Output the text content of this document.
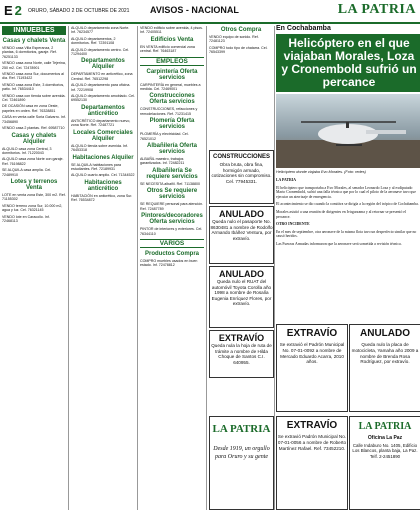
E 2 ORURO, SÁBADO 2 DE OCTUBRE DE 2021 AVISOS - NACIONAL	LA PATRIA
INMUEBLES
Casas y chalets Venta

VENDO casa Villa Esperanza, 2 plantas, 6 dormitorios, garaje. Ref. 76251133

VENDO casa zona Norte, calle Tejerina, 250 m2. Cel. 72478901

VENDO casa zona Sur, documentos al día. Ref. 71193422

VENDO casa zona Este, 3 dormitorios, patio. Inf. 76534410

VENDO casa con tienda sobre avenida. Cel. 72461890

DE OCASIÓN casa en zona Oeste, papeles en orden. Ref. 76328851

CASA en venta calle Soria Galvarro. Inf. 73456890

VENDO casa 2 plantas. Ref. 69587710

Casas y chalets Alquiler

ALQUILO casa zona Central, 3 dormitorios. Inf. 71220043

ALQUILO casa zona Norte con garaje. Ref. 76198822

SE ALQUILA casa amplia. Cel. 72489910

Lotes y terrenos Venta

LOTE en venta zona Este, 300 m2. Ref. 71155302

VENDO terreno zona Sur, 10.000 m2, agua y luz. Cel. 76321145

VENDO lote en Caracollo. Inf. 72468113

ALQUILO departamento zona Norte. Inf. 76234577

ALQUILO departamentos, 2 dormitorios. Ref. 72391108

ALQUILO departamento centro. Cel. 71294400

Departamentos Alquiler

DEPARTAMENTO en anticrético, zona Central. Ref. 76512298

ALQUILO departamento para oficina. Inf. 72219908

ALQUILO departamento amoblado. Cel. 69552130

Departamentos anticrético

ANTICRÉTICO departamento nuevo, zona Norte. Ref. 72487721

Locales Comerciales Alquiler

ALQUILO tienda sobre avenida. Inf. 76453318

Habitaciones Alquiler

SE ALQUILA habitaciones para estudiantes. Ref. 72189931

ALQUILO cuarto amplio. Cel. 71344522

Habitaciones anticrético

HABITACIÓN en anticrético, zona Sur. Ref. 76534872

VENDO edificio sobre avenida, 4 pisos. Inf. 72405511

Edificios Venta

EN VENTA edificio comercial zona central. Ref. 76463187

EMPLEOS
Carpintería Oferta servicios

CARPINTERÍA en general, muebles a medida. Cel. 72469001

Construcciones Oferta servicios

CONSTRUCCIONES, refacciones y remodelaciones. Ref. 71231415

Plomería Oferta servicios

PLOMERÍA y electricidad. Cel. 76521012

Albañilería Oferta servicios

ALBAÑIL maestro, trabajos garantizados. Inf. 72482211

Albañilería Se requiere servicios

SE NECESITA albañil. Ref. 71138800

Otros Se requiere servicios

SE REQUIERE personal para atención. Ref. 72487789

Pintores/decoradores Oferta servicios

PINTOR de interiores y exteriores. Cel. 76344110

VARIOS
Productos Compra

COMPRO muebles usados en buen estado. Inf. 72478812

Otros Compra

VENDO equipo de sonido. Ref. 72481123

COMPRO todo tipo de chatarra. Cel. 76543399

CONSTRUCCIONES
Obra bruta, obra fina, hormigón armado, cotizaciones sin compromiso. Cel. 77945331.
ANULADO
Queda nulo el pasaporte No. 8630481 a nombre de Rodolfo Armando Ibáñez Ventura, por extravío.
ANULADO
Queda nulo el RUAT del automóvil Toyota Corolla año 1998 a nombre de Rosalía Eugenia Enríquez Flores, por extravío.
EXTRAVÍO
Queda nula la hoja de ruta de trámite a nombre de Hilda Choque de Santos C.I. 640955.
En Cochabamba
Helicóptero en el que viajaban Morales, Loza y Cronembold sufrió un percance
Helicóptero donde viajaba Evo Morales. (Foto: redes)

LA PATRIA

El helicóptero que transportaba a Evo Morales, al senador Leonardo Loza y al exdiputado Mario Cronembold, sufrió una falla técnica que por lo cual el piloto de la aeronave tuvo que ejecutar un aterrizaje de emergencia.

El acontecimiento se dio cuando la comitiva se dirigía a la región del trópico de Cochabamba.

Morales asistió a una reunión de dirigentes en Ivirgarzama y al retornar se presentó el percance.

OTRO INCIDENTE

En el mes de septiembre, otra aeronave de la misma flota tuvo un desperfecto similar que no causó heridos.

Las Fuerzas Armadas informaron que la aeronave será sometida a revisión técnica.

EXTRAVÍO
Se extravió el Padrón Municipal No. 07-01-0092 a nombre de Mercado Eduardo Acarra, 2010 años.
ANULADO
Queda nulo la placa de motocicleta, Yamaha año 2009 a nombre de Brenda Rosa Rodríguez, por extravío.
LA PATRIA
Desde 1919, un orgullo para Oruro y su gente
EXTRAVÍO
Se extravió Padrón Municipal No. 07-01-0056 a nombre de Roberto Martínez Rafael. Ref. 73452210.
LA PATRIA
Oficina La Paz
Calle Indaburo No. 1405, Edificio Los Blancos, planta baja, La Paz. Telf. 2-2451890
